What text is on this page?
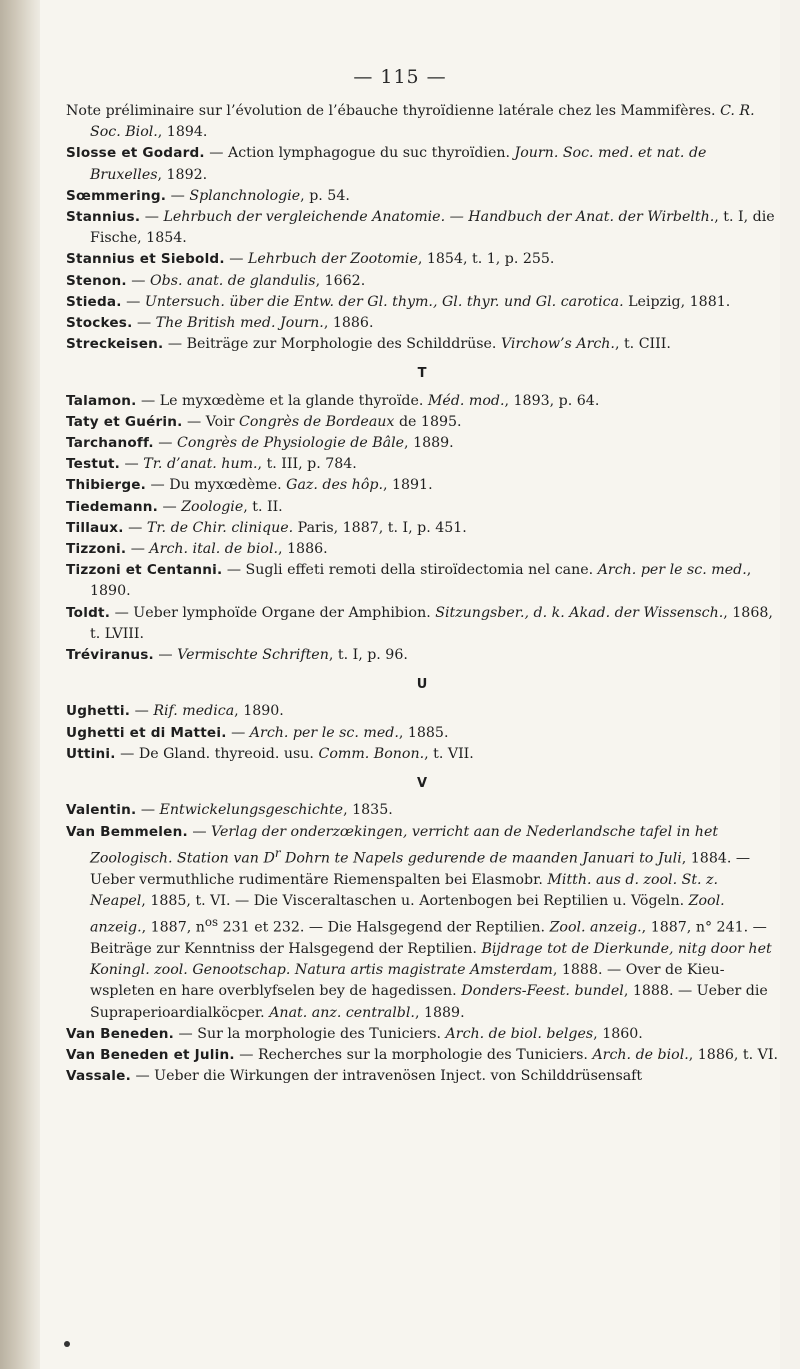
— 115 —

Note préliminaire sur l’évolution de l’ébauche thyroïdienne latérale chez les Mammifères. C. R. Soc. Biol., 1894.

Slosse et Godard. — Action lymphagogue du suc thyroïdien. Journ. Soc. med. et nat. de Bruxelles, 1892.

Sœmmering. — Splanchnologie, p. 54.

Stannius. — Lehrbuch der vergleichende Anatomie. — Handbuch der Anat. der Wirbelth., t. I, die Fische, 1854.

Stannius et Siebold. — Lehrbuch der Zootomie, 1854, t. 1, p. 255.

Stenon. — Obs. anat. de glandulis, 1662.

Stieda. — Untersuch. über die Entw. der Gl. thym., Gl. thyr. und Gl. carotica. Leipzig, 1881.

Stockes. — The British med. Journ., 1886.

Streckeisen. — Beiträge zur Morphologie des Schilddrüse. Virchow’s Arch., t. CIII.

T

Talamon. — Le myxœdème et la glande thyroïde. Méd. mod., 1893, p. 64.

Taty et Guérin. — Voir Congrès de Bordeaux de 1895.

Tarchanoff. — Congrès de Physiologie de Bâle, 1889.

Testut. — Tr. d’anat. hum., t. III, p. 784.

Thibierge. — Du myxœdème. Gaz. des hôp., 1891.

Tiedemann. — Zoologie, t. II.

Tillaux. — Tr. de Chir. clinique. Paris, 1887, t. I, p. 451.

Tizzoni. — Arch. ital. de biol., 1886.

Tizzoni et Centanni. — Sugli effeti remoti della stiroïdectomia nel cane. Arch. per le sc. med., 1890.

Toldt. — Ueber lymphoïde Organe der Amphibion. Sitzungsber., d. k. Akad. der Wissensch., 1868, t. LVIII.

Tréviranus. — Vermischte Schriften, t. I, p. 96.

U

Ughetti. — Rif. medica, 1890.

Ughetti et di Mattei. — Arch. per le sc. med., 1885.

Uttini. — De Gland. thyreoid. usu. Comm. Bonon., t. VII.

V

Valentin. — Entwickelungsgeschichte, 1835.

Van Bemmelen. — Verlag der onderzœkingen, verricht aan de Nederlandsche tafel in het Zoologisch. Station van $D^r$ Dohrn te Napels gedurende de maanden Januari to Juli, 1884. — Ueber vermuthliche rudimentäre Riemenspalten bei Elasmobr. Mitth. aus d. zool. St. z. Neapel, 1885, t. VI. — Die Visceraltaschen u. Aortenbogen bei Reptilien u. Vögeln. Zool. anzeig., 1887, $n^{os}$ 231 et 232. — Die Halsgegend der Reptilien. Zool. anzeig., 1887, n° 241. — Beiträge zur Kenntniss der Halsgegend der Reptilien. Bijdrage tot de Dierkunde, nitg door het Koningl. zool. Genootschap. Natura artis magistrate Amsterdam, 1888. — Over de Kieu-wspleten en hare overblyfselen bey de hagedissen. Donders-Feest. bundel, 1888. — Ueber die Supraperioardialköcper. Anat. anz. centralbl., 1889.

Van Beneden. — Sur la morphologie des Tuniciers. Arch. de biol. belges, 1860.

Van Beneden et Julin. — Recherches sur la morphologie des Tuniciers. Arch. de biol., 1886, t. VI.

Vassale. — Ueber die Wirkungen der intravenösen Inject. von Schilddrüsensaft
